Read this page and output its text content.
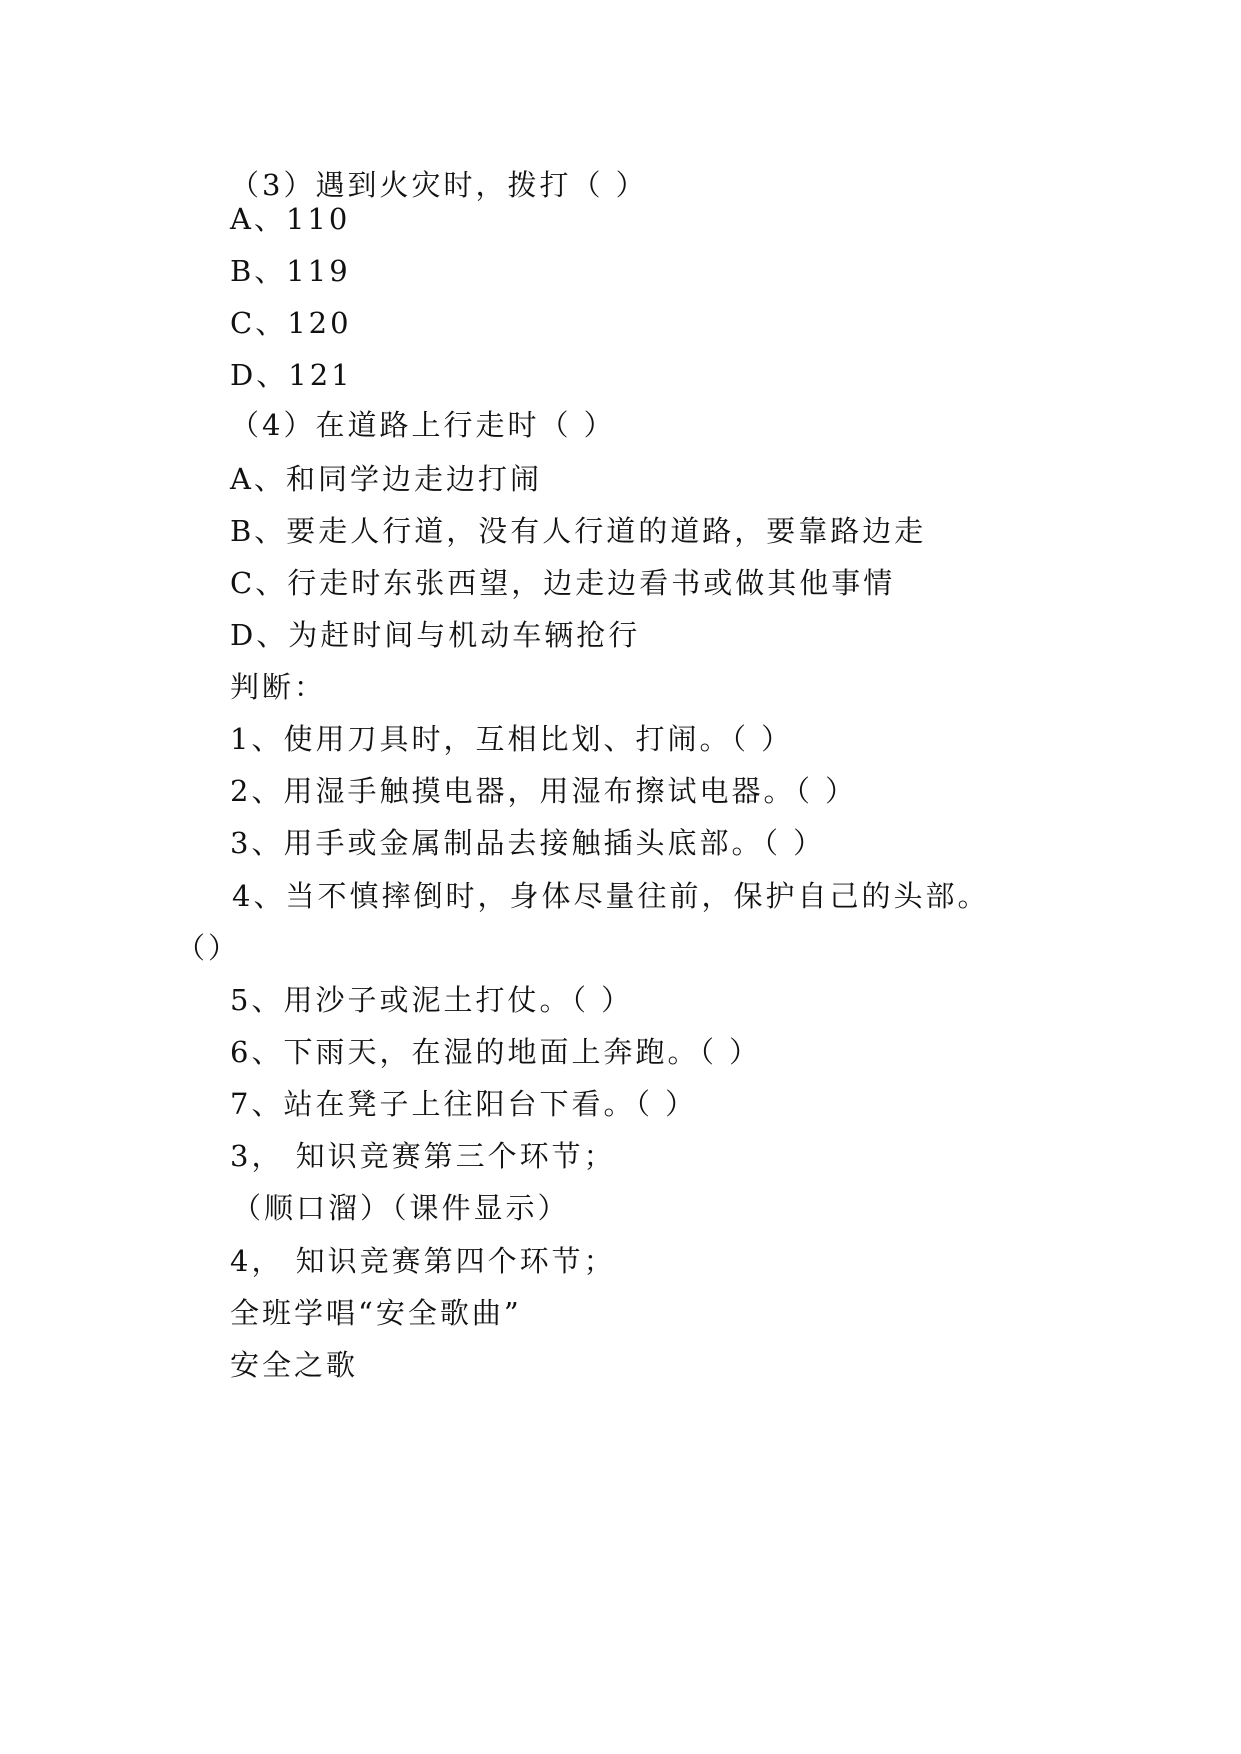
（3）遇到火灾时，拨打（ ）
A、110
B、119
C、120
D、121
（4）在道路上行走时（ ）
A、和同学边走边打闹
B、要走人行道，没有人行道的道路，要靠路边走
C、行走时东张西望，边走边看书或做其他事情
D、为赶时间与机动车辆抢行
判断：
1、使用刀具时，互相比划、打闹。（ ）
2、用湿手触摸电器，用湿布擦试电器。（ ）
3、用手或金属制品去接触插头底部。（ ）
4、当不慎摔倒时，身体尽量往前，保护自己的头部。
（）
5、用沙子或泥土打仗。（ ）
6、下雨天，在湿的地面上奔跑。（ ）
7、站在凳子上往阳台下看。（ ）
3， 知识竞赛第三个环节；
（顺口溜）（课件显示）
4， 知识竞赛第四个环节；
全班学唱“安全歌曲”
安全之歌
